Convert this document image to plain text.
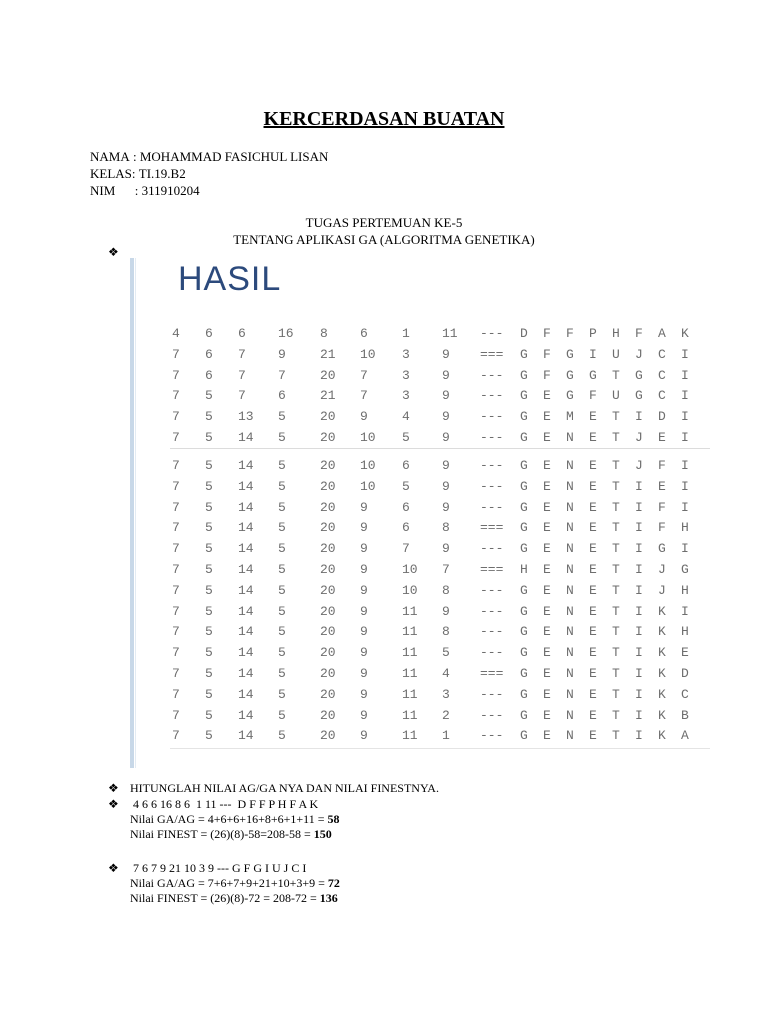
KERCERDASAN BUATAN
NAMA : MOHAMMAD FASICHUL LISAN
KELAS : TI.19.B2
NIM : 311910204
TUGAS PERTEMUAN KE-5
TENTANG APLIKASI GA (ALGORITMA GENETIKA)
❖
HASIL
4 6 6 16 8 6	1 11 --- D F F P H F A K
7 6 7 9	21 10 3 9 === G F G I U J C I
7 6 7 7	20 7	3 9 --- G F G G T G C I
7 5 7 6	21 7	3 9 --- G E G F U G C I
7 5 13 5	20 9	4 9 --- G E M E T I D I
7 5 14 5	20 10 5 9 --- G E N E T J E I
7 5 14 5	20 10 6 9 --- G E N E T J F I
7 5 14 5	20 10 5 9 --- G E N E T I E I
7 5 14 5	20 9	6 9 --- G E N E T I F I
7 5 14 5	20 9	6 8 === G E N E T I F H
7 5 14 5	20 9	7 9 --- G E N E T I G I
7 5 14 5	20 9	10 7 === H E N E T I J G
7 5 14 5	20 9	10 8 --- G E N E T I J H
7 5 14 5	20 9	11 9 --- G E N E T I K I
7 5 14 5	20 9	11 8 --- G E N E T I K H
7 5 14 5	20 9	11 5 --- G E N E T I K E
7 5 14 5	20 9	11 4 === G E N E T I K D
7 5 14 5	20 9	11 3 --- G E N E T I K C
7 5 14 5	20 9	11 2 --- G E N E T I K B
7 5 14 5	20 9	11 1 --- G E N E T I K A
❖ HITUNGLAH NILAI AG/GA NYA DAN NILAI FINESTNYA.
❖ 4 6 6 16 8 6  1 11 ---  D F F P H F A K
Nilai GA/AG = 4+6+6+16+8+6+1+11 = 58
Nilai FINEST = (26)(8)-58=208-58 = 150
❖ 7 6 7 9 21 10 3 9 --- G F G I U J C I
Nilai GA/AG = 7+6+7+9+21+10+3+9 = 72
Nilai FINEST = (26)(8)-72 = 208-72 = 136
